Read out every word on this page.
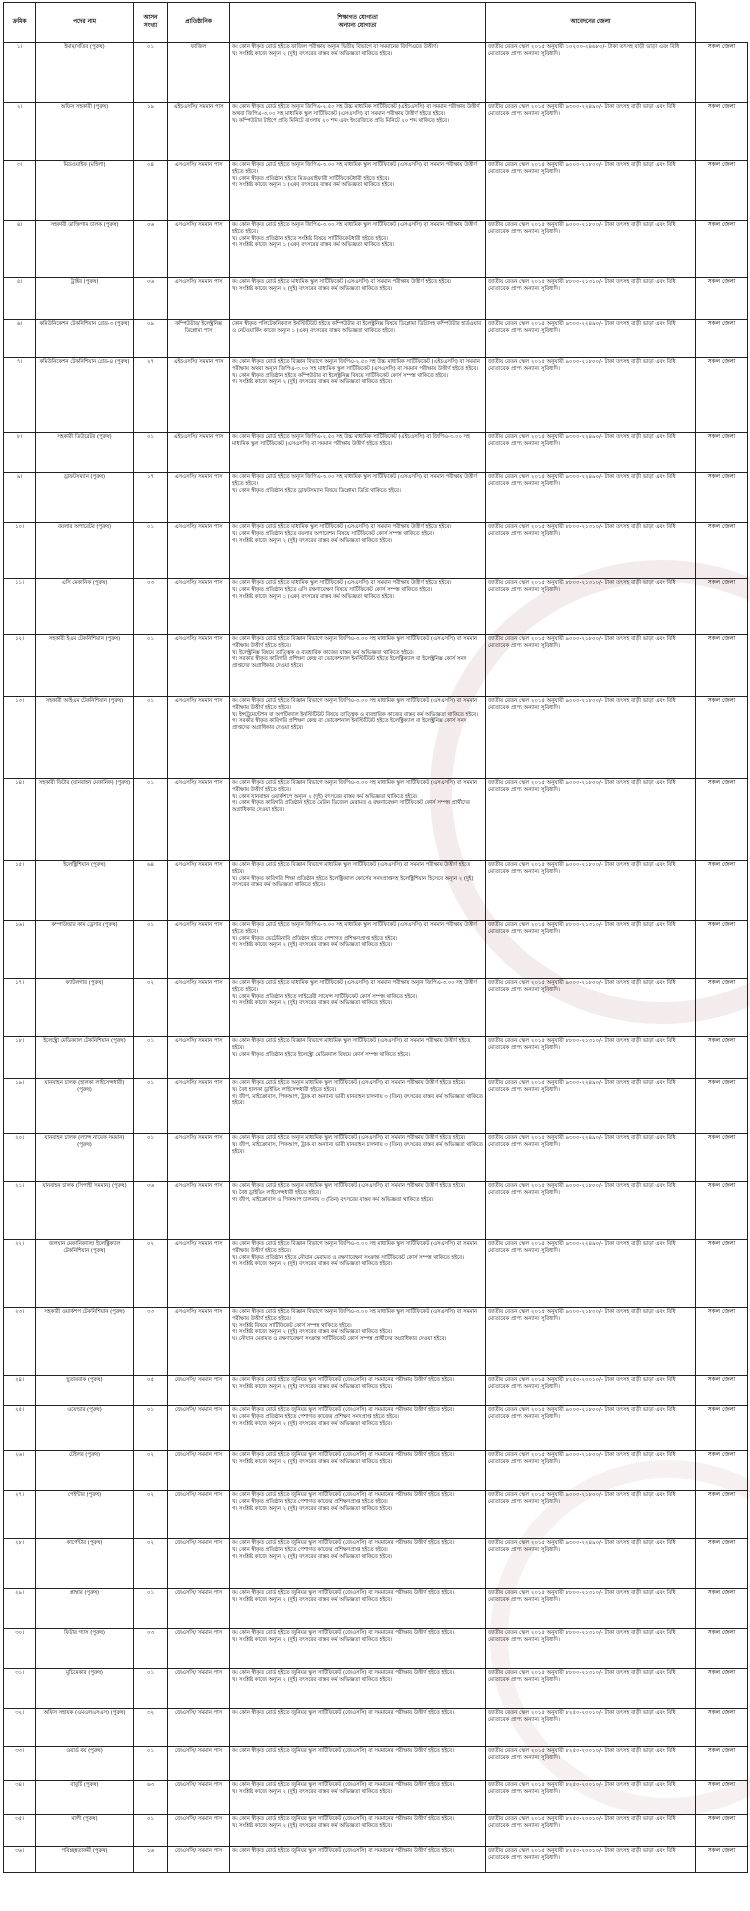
ক্রমিক	পদের নাম	আসন সংখ্যা	প্রাতিষ্ঠানিক	শিক্ষাগত যোগ্যতা
অন্যান্য যোগ্যতা		আবেদনের জেলা	
১।	ইমাম/খতিব (পুরুষ)	০১	ফাজিল	ক। কোন স্বীকৃত বোর্ড হইতে ফাজিল পরীক্ষায় অন্যূন দ্বিতীয় বিভাগে বা সমমানের জিপিএতে উত্তীর্ণ।
খ। সংশ্লিষ্ট কাজে অন্যূন ২ (দুই) বৎসরের বাস্তব কর্ম অভিজ্ঞতা থাকিতে হইবে।	জাতীয় বেতন স্কেল ২০১৫ অনুযায়ী ১০২০০-২৪৬৮০/- টাকা তৎসহ বাড়ী ভাড়া এবং বিধি মোতাবেক প্রাপ্য অন্যান্য সুবিধাদি।	সকল জেলা
২।	অফিস সহকারী (পুরুষ)	১৯	এইচএসসি/ সমমান পাস	ক। কোন স্বীকৃত বোর্ড হইতে অন্যূন জিপিএ-২.৫০ সহ উচ্চ মাধ্যমিক সার্টিফিকেট (এইচএসসি) বা সমমান পরীক্ষায় উত্তীর্ণ অথবা জিপিএ-৩.০০ সহ মাধ্যমিক স্কুল সার্টিফিকেট (এসএসসি) বা সমমান পরীক্ষায় উত্তীর্ণ হইতে হইবে।
খ। কম্পিউটার টাইপে প্রতি মিনিটে বাংলায় ২০ শব্দ এবং ইংরেজিতে প্রতি মিনিটে ২০ শব্দ থাকিতে হইবে।	জাতীয় বেতন স্কেল ২০১৫ অনুযায়ী ৯৩০০-২২৪৯০/- টাকা তৎসহ বাড়ী ভাড়া এবং বিধি মোতাবেক প্রাপ্য অন্যান্য সুবিধাদি।	সকল জেলা
৩।	মিডওয়াইফ (মহিলা)	০৪	এসএসসি/ সমমান পাস	ক। কোন স্বীকৃত বোর্ড হইতে অন্যূন জিপিএ-৩.০০ সহ মাধ্যমিক স্কুল সার্টিফিকেট (এসএসসি) বা সমমান পরীক্ষায় উত্তীর্ণ হইতে হইবে।
খ। কোন স্বীকৃত প্রতিষ্ঠান হইতে মিডওয়াইফারী সার্টিফিকেটধারী হইতে হইবে।
গ। সংশ্লিষ্ট কাজে অন্যূন ১ (এক) বৎসরের বাস্তব কর্ম অভিজ্ঞতা থাকিতে হইবে।	জাতীয় বেতন স্কেল ২০১৫ অনুযায়ী ৯০০০-২১৮০০/- টাকা তৎসহ বাড়ী ভাড়া এবং বিধি মোতাবেক প্রাপ্য অন্যান্য সুবিধাদি।	সকল জেলা
৪।	সহকারী ডাক্তিগাম চালক (পুরুষ)	০৬	এসএসসি/ সমমান পাস	ক। কোন স্বীকৃত বোর্ড হইতে অন্যূন জিপিএ-৩.০০ সহ মাধ্যমিক স্কুল সার্টিফিকেট (এসএসসি) বা সমমান পরীক্ষায় উত্তীর্ণ হইতে হইবে।
খ। কোন স্বীকৃত প্রতিষ্ঠান হইতে সংশ্লিষ্ট বিষয়ে সার্টিফিকেটধারী হইতে হইবে।
গ। সংশ্লিষ্ট কাজে অন্যূন ১ (এক) বৎসরের বাস্তব কর্ম অভিজ্ঞতা থাকিতে হইবে।	জাতীয় বেতন স্কেল ২০১৫ অনুযায়ী ৯০০০-২১৮০০/- টাকা তৎসহ বাড়ী ভাড়া এবং বিধি মোতাবেক প্রাপ্য অন্যান্য সুবিধাদি।	সকল জেলা
৫।	ট্রাক্টর (পুরুষ)	০৬	এসএসসি/ সমমান পাস	ক। কোন স্বীকৃত বোর্ড হইতে মাধ্যমিক স্কুল সার্টিফিকেট (এসএসসি) বা সমমান পরীক্ষায় উত্তীর্ণ হইতে হইবে।
খ। সংশ্লিষ্ট কাজে অন্যূন ২ (দুই) বৎসরের বাস্তব কর্ম অভিজ্ঞতা থাকিতে হইবে।	জাতীয় বেতন স্কেল ২০১৫ অনুযায়ী ৮৮০০-২১৩১০/- টাকা তৎসহ বাড়ী ভাড়া এবং বিধি মোতাবেক প্রাপ্য অন্যান্য সুবিধাদি।	সকল জেলা
৬।	কমিউনিকেশন টেকনিশিয়ান গ্রেড-৩ (পুরুষ)	০৯	কম্পিউটার/ ইলেক্ট্রনিক্স ডিপ্লোমা পাস	কোন স্বীকৃত পলিটেকনিক্যাল ইনস্টিটিউট হইতে কম্পিউটার বা ইলেক্ট্রনিক্স বিষয়ে ডিপ্লোমা ডিগ্রিসহ কম্পিউটার হার্ডওয়ার ও নেটওয়ার্কিং কাজে অন্যূন ১ (এক) বৎসরের বাস্তব অভিজ্ঞতা থাকিতে হইবে।	জাতীয় বেতন স্কেল ২০১৫ অনুযায়ী ৯৩০০-২২৪৯০/- টাকা তৎসহ বাড়ী ভাড়া এবং বিধি মোতাবেক প্রাপ্য অন্যান্য সুবিধাদি।	সকল জেলা
৭।	কমিউনিকেশন টেকনিশিয়ান গ্রেড-৪ (পুরুষ)	২৭	এইচএসসি/ সমমান পাস	ক। কোন স্বীকৃত বোর্ড হইতে বিজ্ঞান বিভাগে অন্যূন জিপিএ-২.৫০ সহ উচ্চ মাধ্যমিক সার্টিফিকেট (এইচএসসি) বা সমমান পরীক্ষায় অথবা অন্যূন জিপিএ-৩.০০ সহ মাধ্যমিক স্কুল সার্টিফিকেট (এসএসসি) বা সমমান পরীক্ষায় উত্তীর্ণ হইতে হইবে।
খ। কোন স্বীকৃত প্রতিষ্ঠান হইতে কম্পিউটার বা ইলেক্ট্রনিক্স বিষয়ে সার্টিফিকেট কোর্স সম্পন্ন থাকিতে হইবে।
গ। সংশ্লিষ্ট কাজে অন্যূন ২ (দুই) বৎসরের বাস্তব কর্ম অভিজ্ঞতা থাকিতে হইবে।	জাতীয় বেতন স্কেল ২০১৫ অনুযায়ী ৯০০০-২১৮০০/- টাকা তৎসহ বাড়ী ভাড়া এবং বিধি মোতাবেক প্রাপ্য অন্যান্য সুবিধাদি।	সকল জেলা
৮।	সহকারী ডিউরেটর (পুরুষ)	০১	এইচএসসি/ সমমান পাস	ক। কোন স্বীকৃত বোর্ড হইতে অন্যূন জিপিএ-২.৫০ সহ উচ্চ মাধ্যমিক সার্টিফিকেট (এইচএসসি) বা জিপিএ-৩.০০ সহ মাধ্যমিক স্কুল সার্টিফিকেট (এসএসসি) বা সমমান পরীক্ষায় উত্তীর্ণ হইতে হইবে।	জাতীয় বেতন স্কেল ২০১৫ অনুযায়ী ৯৩০০-২২৪৯০/- টাকা তৎসহ বাড়ী ভাড়া এবং বিধি মোতাবেক প্রাপ্য অন্যান্য সুবিধাদি।	সকল জেলা
৯।	ড্রাফটসম্যান (পুরুষ)	১৭	এসএসসি/ সমমান পাস	ক। কোন স্বীকৃত বোর্ড হইতে অন্যূন জিপিএ-৩.০০ সহ মাধ্যমিক স্কুল সার্টিফিকেট (এসএসসি) বা সমমান পরীক্ষায় উত্তীর্ণ হইতে হইবে।
খ। কোন স্বীকৃত প্রতিষ্ঠান হইতে ড্রাফটসম্যান বিষয়ে ডিপ্লোমা ডিগ্রি থাকিতে হইবে।	জাতীয় বেতন স্কেল ২০১৫ অনুযায়ী ৯৩০০-২২৪৯০/- টাকা তৎসহ বাড়ী ভাড়া এবং বিধি মোতাবেক প্রাপ্য অন্যান্য সুবিধাদি।	সকল জেলা
১০।	বয়লার অপারেটর (পুরুষ)	০১	এসএসসি/ সমমান পাস	ক। কোন স্বীকৃত বোর্ড হইতে মাধ্যমিক স্কুল সার্টিফিকেট (এসএসসি) বা সমমান পরীক্ষায় উত্তীর্ণ হইতে হইবে।
খ। কোন স্বীকৃত প্রতিষ্ঠান হইতে বয়লার অপারেশন বিষয়ে সার্টিফিকেট কোর্স সম্পন্ন থাকিতে হইবে।
গ। সংশ্লিষ্ট কাজে অন্যূন ২ (দুই) বৎসরের বাস্তব কর্ম অভিজ্ঞতা থাকিতে হইবে।	জাতীয় বেতন স্কেল ২০১৫ অনুযায়ী ৮৮০০-২১৩১০/- টাকা তৎসহ বাড়ী ভাড়া এবং বিধি মোতাবেক প্রাপ্য অন্যান্য সুবিধাদি।	সকল জেলা
১১।	এসি মেকানিক (পুরুষ)	০৩	এসএসসি/ সমমান পাস	ক। কোন স্বীকৃত বোর্ড হইতে মাধ্যমিক স্কুল সার্টিফিকেট (এসএসসি) বা সমমান পরীক্ষায় উত্তীর্ণ হইতে হইবে।
খ। কোন স্বীকৃত প্রতিষ্ঠান হইতে এসি রক্ষণাবেক্ষণ বিষয়ে সার্টিফিকেট কোর্স সম্পন্ন থাকিতে হইবে।
গ। সংশ্লিষ্ট কাজে অন্যূন ১ (এক) বৎসরের বাস্তব কর্ম অভিজ্ঞতা থাকিতে হইবে।	জাতীয় বেতন স্কেল ২০১৫ অনুযায়ী ৮৮০০-২১৩১০/- টাকা তৎসহ বাড়ী ভাড়া এবং বিধি মোতাবেক প্রাপ্য অন্যান্য সুবিধাদি।	সকল জেলা
১২।	সহকারী ইএম টেকনিশিয়ান (পুরুষ)	০১	এসএসসি/ সমমান পাস	ক। কোন স্বীকৃত বোর্ড হইতে বিজ্ঞান বিভাগে অন্যূন জিপিএ-৩.০০ সহ মাধ্যমিক স্কুল সার্টিফিকেট (এসএসসি) বা সমমান পরীক্ষায় উত্তীর্ণ হইতে হইবে।
খ। ইলেক্ট্রনিক্স বিষয়ে তাত্ত্বিক ও ব্যবহারিক কাজের বাস্তব কর্ম অভিজ্ঞতা থাকিতে হইবে।
গ। সরকার স্বীকৃত কারিগরি প্রশিক্ষণ কেন্দ্র বা ভোকেশনাল ইনস্টিটিউট হইতে ইলেক্ট্রিক্যাল বা ইলেক্ট্রনিক্স কোর্স সনদ প্রাপ্তদের অগ্রাধিকার দেওয়া হইবে।	জাতীয় বেতন স্কেল ২০১৫ অনুযায়ী ৯০০০-২১৮০০/- টাকা তৎসহ বাড়ী ভাড়া এবং বিধি মোতাবেক প্রাপ্য অন্যান্য সুবিধাদি।	সকল জেলা
১৩।	সহকারী আইএম টেকনিশিয়ান (পুরুষ)	০১	এসএসসি/ সমমান পাস	ক। কোন স্বীকৃত বোর্ড হইতে বিজ্ঞান বিভাগে অন্যূন জিপিএ-৩.০০ সহ মাধ্যমিক স্কুল সার্টিফিকেট (এসএসসি) বা সমমান পরীক্ষায় উত্তীর্ণ হইতে হইবে।
খ। ইন্সট্রুমেন্টেশন বা অপটিক্যাল ইনস্টিটিউট বিষয়ে তাত্ত্বিক ও ব্যবহারিক কাজের বাস্তব কর্ম অভিজ্ঞতা থাকিতে হইবে।
গ। সরকার স্বীকৃত কারিগরি প্রশিক্ষণ কেন্দ্র বা ভোকেশনাল ইনস্টিটিউট হইতে ইলেক্ট্রিক্যাল বা ইলেক্ট্রনিক্স কোর্স সনদ প্রাপ্তদের অগ্রাধিকার দেওয়া হইবে।	জাতীয় বেতন স্কেল ২০১৫ অনুযায়ী ৯০০০-২১৮০০/- টাকা তৎসহ বাড়ী ভাড়া এবং বিধি মোতাবেক প্রাপ্য অন্যান্য সুবিধাদি।	সকল জেলা
১৪।	সহকারী ফিটার (যানবাহন মেকানিক) (পুরুষ)	০১	এসএসসি/ সমমান পাস	ক। কোন স্বীকৃত বোর্ড হইতে বিজ্ঞান বিভাগে অন্যূন জিপিএ-৩.০০ সহ মাধ্যমিক স্কুল সার্টিফিকেট (এসএসসি) বা সমমান পরীক্ষায় উত্তীর্ণ হইতে হইবে।
খ। কোন যানবাহন ওয়ার্কশপে অন্যূন ২ (দুই) বৎসরের বাস্তব কর্ম অভিজ্ঞতা থাকিতে হইবে।
গ। কোন স্বীকৃত কারিগরি প্রতিষ্ঠান হইতে মেরিন ডিজেল মেরামত ও রক্ষণাবেক্ষণ সার্টিফিকেট কোর্স সম্পন্ন প্রার্থীদের অগ্রাধিকার দেওয়া হইবে।	জাতীয় বেতন স্কেল ২০১৫ অনুযায়ী ৯০০০-২১৮০০/- টাকা তৎসহ বাড়ী ভাড়া এবং বিধি মোতাবেক প্রাপ্য অন্যান্য সুবিধাদি।	সকল জেলা
১৫।	ইলেক্ট্রিশিয়ান (পুরুষ)	৬৪	এসএসসি/ সমমান পাস	ক। কোন স্বীকৃত বোর্ড হইতে বিজ্ঞান বিভাগে মাধ্যমিক স্কুল সার্টিফিকেট (এসএসসি) বা সমমান পরীক্ষায় উত্তীর্ণ হইতে হইবে।
খ। কোন স্বীকৃত কারিগরি শিক্ষা প্রতিষ্ঠান হইতে ইলেক্ট্রিক্যাল কোর্সের সনদপ্রাপ্তসহ ইলেক্ট্রিশিয়ান হিসেবে অন্যূন ২ (দুই) বৎসরের বাস্তব কর্ম অভিজ্ঞতা থাকিতে হইবে।	জাতীয় বেতন স্কেল ২০১৫ অনুযায়ী ৯০০০-২১৮০০/- টাকা তৎসহ বাড়ী ভাড়া এবং বিধি মোতাবেক প্রাপ্য অন্যান্য সুবিধাদি।	সকল জেলা
১৬।	কম্পাউন্ডার কাম ড্রেসার (পুরুষ)	০১	এসএসসি/ সমমান পাস	ক। কোন স্বীকৃত বোর্ড হইতে অন্যূন জিপিএ-৩.০০ সহ মাধ্যমিক স্কুল সার্টিফিকেট (এসএসসি) বা সমমান পরীক্ষায় উত্তীর্ণ হইতে হইবে।
খ। কোন স্বীকৃত ভেটেরিনারি প্রতিষ্ঠান হইতে পেশাগত প্রশিক্ষণপ্রাপ্ত হইতে হইবে।
গ। সংশ্লিষ্ট কাজে অন্যূন ২ (দুই) বৎসরের বাস্তব কর্ম অভিজ্ঞতা থাকিতে হইবে।	জাতীয় বেতন স্কেল ২০১৫ অনুযায়ী ৮৮০০-২১৩১০/- টাকা তৎসহ বাড়ী ভাড়া এবং বিধি মোতাবেক প্রাপ্য অন্যান্য সুবিধাদি।	সকল জেলা
১৭।	ক্যাটলগার (পুরুষ)	০২	এসএসসি/ সমমান পাস	ক। কোন স্বীকৃত বোর্ড হইতে মাধ্যমিক স্কুল সার্টিফিকেট (এসএসসি) বা সমমান পরীক্ষায় অন্যূন জিপিএ-৩.০০ সহ উত্তীর্ণ হইতে হইবে।
খ। কোন স্বীকৃত প্রতিষ্ঠান হইতে লাইব্রেরী সায়েন্স সার্টিফিকেট কোর্স সম্পন্ন থাকিতে হইবে।
গ। সংশ্লিষ্ট কাজে অন্যূন ২ (দুই) বৎসরের বাস্তব কর্ম অভিজ্ঞতা থাকিতে হইবে।	জাতীয় বেতন স্কেল ২০১৫ অনুযায়ী ৯০০০-২১৮০০/- টাকা তৎসহ বাড়ী ভাড়া এবং বিধি মোতাবেক প্রাপ্য অন্যান্য সুবিধাদি।	সকল জেলা
১৮।	ইলেক্ট্রো মেডিক্যাল টেকনিশিয়ান (পুরুষ)	০১	এসএসসি/ সমমান পাস	ক। কোন স্বীকৃত বোর্ড হইতে বিজ্ঞান বিভাগে মাধ্যমিক স্কুল সার্টিফিকেট (এসএসসি) বা সমমান পরীক্ষায় উত্তীর্ণ হইতে হইবে।
খ। কোন স্বীকৃত প্রতিষ্ঠান হইতে ইলেক্ট্রো মেডিক্যাল বিষয়ে কোর্স সম্পন্ন থাকিতে হইবে।	জাতীয় বেতন স্কেল ২০১৫ অনুযায়ী ৮৮০০-২১৩১০/- টাকা তৎসহ বাড়ী ভাড়া এবং বিধি মোতাবেক প্রাপ্য অন্যান্য সুবিধাদি।	সকল জেলা
১৯।	যানবাহন চালক (হালকা লাইসেন্সধারী) (পুরুষ)	০১	এসএসসি/ সমমান পাস	ক। কোন স্বীকৃত বোর্ড হইতে অন্যূন মাধ্যমিক স্কুল সার্টিফিকেট (এসএসসি) বা সমমান পরীক্ষায় উত্তীর্ণ হইতে হইবে।
খ। বৈধ হালকা ড্রাইভিং লাইসেন্সধারী হইতে হইবে।
গ। জীপ, মাইক্রোবাস, পিকআপ, ট্রাক বা অন্যান্য ভারী যানবাহন চালনায় ৩ (তিন) বৎসরের বাস্তব কর্ম অভিজ্ঞতা থাকিতে হইবে।	জাতীয় বেতন স্কেল ২০১৫ অনুযায়ী ৯৩০০-২২৪৯০/- টাকা তৎসহ বাড়ী ভাড়া এবং বিধি মোতাবেক প্রাপ্য অন্যান্য সুবিধাদি।	সকল জেলা
২০।	যানবাহন চালক (ল্যান্স নায়েক সমমান) (পুরুষ)	০১	এসএসসি/ সমমান পাস	ক। কোন স্বীকৃত বোর্ড হইতে অন্যূন মাধ্যমিক স্কুল সার্টিফিকেট (এসএসসি) বা সমমান পরীক্ষায় উত্তীর্ণ হইতে হইবে।
খ। জীপ, মাইক্রোবাস, পিকআপ, ট্রাক বা অন্যান্য ভারী যানবাহন চালনায় ৩ (তিন) বৎসরের বাস্তব কর্ম অভিজ্ঞতা থাকিতে হইবে।	জাতীয় বেতন স্কেল ২০১৫ অনুযায়ী ৯৩০০-২২৪৯০/- টাকা তৎসহ বাড়ী ভাড়া এবং বিধি মোতাবেক প্রাপ্য অন্যান্য সুবিধাদি।	সকল জেলা
২১।	যানবাহন চালক (সিপাহী সমমান) (পুরুষ)	০৬	এসএসসি/ সমমান পাস	ক। কোন স্বীকৃত বোর্ড হইতে অন্যূন মাধ্যমিক স্কুল সার্টিফিকেট (এসএসসি) বা সমমান পরীক্ষায় উত্তীর্ণ হইতে হইবে।
খ। বৈধ ড্রাইভিং লাইসেন্সধারী হইতে হইবে।
গ। জীপ, মাইক্রোবাস ও পিকআপ চালনায় ৩ (তিন) বৎসরের বাস্তব কর্ম অভিজ্ঞতা থাকিতে হইবে।	জাতীয় বেতন স্কেল ২০১৫ অনুযায়ী ৯০০০-২১৮০০/- টাকা তৎসহ বাড়ী ভাড়া এবং বিধি মোতাবেক প্রাপ্য অন্যান্য সুবিধাদি।	সকল জেলা
২২।	জলযান মেকানিক্যাল/ ইলেক্ট্রিক্যাল টেকনিশিয়ান (পুরুষ)	০২	এসএসসি/ সমমান পাস	ক। কোন স্বীকৃত বোর্ড হইতে বিজ্ঞান বিভাগে অন্যূন জিপিএ-৩.০০ সহ মাধ্যমিক স্কুল সার্টিফিকেট (এসএসসি) বা সমমান পরীক্ষায় উত্তীর্ণ হইতে হইবে।
খ। কোন স্বীকৃত প্রতিষ্ঠান হইতে নৌযান মেরামত ও রক্ষণাবেক্ষণ সংক্রান্ত সার্টিফিকেট কোর্স সম্পন্ন থাকিতে হইবে।
গ। সংশ্লিষ্ট কাজে অন্যূন ২ (দুই) বৎসরের বাস্তব কর্ম অভিজ্ঞতা থাকিতে হইবে।	জাতীয় বেতন স্কেল ২০১৫ অনুযায়ী ৯৩০০-২২৪৯০/- টাকা তৎসহ বাড়ী ভাড়া এবং বিধি মোতাবেক প্রাপ্য অন্যান্য সুবিধাদি।	সকল জেলা
২৩।	সহকারী ওয়ার্কশপ টেকনিশিয়ান (পুরুষ)	০৩	এসএসসি/ সমমান পাস	ক। কোন স্বীকৃত বোর্ড হইতে বিজ্ঞান বিভাগে অন্যূন জিপিএ-৩.০০ সহ মাধ্যমিক স্কুল সার্টিফিকেট (এসএসসি) বা সমমান পরীক্ষায় উত্তীর্ণ হইতে হইবে।
খ। সংশ্লিষ্ট বিষয়ে সার্টিফিকেট কোর্স সম্পন্ন থাকিতে হইবে।
গ। সংশ্লিষ্ট কাজে অন্যূন ২ (দুই) বৎসরের বাস্তব কর্ম অভিজ্ঞতা থাকিতে হইবে।
ঘ। নৌযান মেরামত ও রক্ষণাবেক্ষণ সংক্রান্ত সার্টিফিকেট কোর্স সম্পন্ন প্রার্থীদের অগ্রাধিকার দেওয়া হইবে।	জাতীয় বেতন স্কেল ২০১৫ অনুযায়ী ৯০০০-২১৮০০/- টাকা তৎসহ বাড়ী ভাড়া এবং বিধি মোতাবেক প্রাপ্য অন্যান্য সুবিধাদি।	সকল জেলা
২৪।	ছুতারবাক (পুরুষ)	০৫	জেএসসি/ সমমান পাস	ক। কোন স্বীকৃত বোর্ড হইতে জুনিয়র স্কুল সার্টিফিকেট (জেএসসি) বা সমমানের পরীক্ষায় উত্তীর্ণ হইতে হইবে।
খ। সংশ্লিষ্ট কাজে অন্যূন ২ (দুই) বৎসরের বাস্তব কর্ম অভিজ্ঞতা থাকিতে হইবে।	জাতীয় বেতন স্কেল ২০১৫ অনুযায়ী ৮২৫০-২০০১০/- টাকা তৎসহ বাড়ী ভাড়া এবং বিধি মোতাবেক প্রাপ্য অন্যান্য সুবিধাদি।	সকল জেলা
২৫।	ওয়েল্ডার (পুরুষ)	০১	জেএসসি/ সমমান পাস	ক। কোন স্বীকৃত বোর্ড হইতে জুনিয়র স্কুল সার্টিফিকেট (জেএসসি) বা সমমানের পরীক্ষায় উত্তীর্ণ হইতে হইবে।
খ। কোন স্বীকৃত প্রতিষ্ঠান হইতে পেশাগত কাজের প্রশিক্ষণ সনদপ্রাপ্ত হইতে হইবে।
গ। সংশ্লিষ্ট কাজে অন্যূন ২ (দুই) বৎসরের বাস্তব কর্ম অভিজ্ঞতা থাকিতে হইবে।	জাতীয় বেতন স্কেল ২০১৫ অনুযায়ী ৯০০০-২১৮০০/- টাকা তৎসহ বাড়ী ভাড়া এবং বিধি মোতাবেক প্রাপ্য অন্যান্য সুবিধাদি।	সকল জেলা
২৬।	টেইলর (পুরুষ)	০২	জেএসসি/ সমমান পাস	ক। কোন স্বীকৃত বোর্ড হইতে জুনিয়র স্কুল সার্টিফিকেট (জেএসসি) বা সমমানের পরীক্ষায় উত্তীর্ণ হইতে হইবে।
খ। সংশ্লিষ্ট কাজে অন্যূন ২ (দুই) বৎসরের বাস্তব কর্ম অভিজ্ঞতা থাকিতে হইবে।	জাতীয় বেতন স্কেল ২০১৫ অনুযায়ী ৯০০০-২১৮০০/- টাকা তৎসহ বাড়ী ভাড়া এবং বিধি মোতাবেক প্রাপ্য অন্যান্য সুবিধাদি।	সকল জেলা
২৭।	পেইন্টার (পুরুষ)	০২	জেএসসি/ সমমান পাস	ক। কোন স্বীকৃত বোর্ড হইতে জুনিয়র স্কুল সার্টিফিকেট (জেএসসি) বা সমমানের পরীক্ষায় উত্তীর্ণ হইতে হইবে।
খ। কোন স্বীকৃত প্রতিষ্ঠান হইতে পেশাগত কাজের প্রশিক্ষণপ্রাপ্ত হইতে হইবে।
গ। সংশ্লিষ্ট কাজে অন্যূন ২ (দুই) বৎসরের বাস্তব কর্ম অভিজ্ঞতা থাকিতে হইবে।	জাতীয় বেতন স্কেল ২০১৫ অনুযায়ী ৯০০০-২১৮০০/- টাকা তৎসহ বাড়ী ভাড়া এবং বিধি মোতাবেক প্রাপ্য অন্যান্য সুবিধাদি।	সকল জেলা
২৮।	কার্পেন্টার (পুরুষ)	০২	জেএসসি/ সমমান পাস	ক। কোন স্বীকৃত বোর্ড হইতে জুনিয়র স্কুল সার্টিফিকেট (জেএসসি) বা সমমানের পরীক্ষায় উত্তীর্ণ হইতে হইবে।
খ। কোন স্বীকৃত প্রতিষ্ঠান হইতে পেশাগত কাজের প্রশিক্ষণপ্রাপ্ত হইতে হইবে।
গ। সংশ্লিষ্ট কাজে অন্যূন ২ (দুই) বৎসরের বাস্তব কর্ম অভিজ্ঞতা থাকিতে হইবে।	জাতীয় বেতন স্কেল ২০১৫ অনুযায়ী ৯৩০০-২২৪৯০/- টাকা তৎসহ বাড়ী ভাড়া এবং বিধি মোতাবেক প্রাপ্য অন্যান্য সুবিধাদি।	সকল জেলা
২৯।	প্লাম্বার (পুরুষ)	০১	জেএসসি/ সমমান পাস	ক। কোন স্বীকৃত বোর্ড হইতে জুনিয়র স্কুল সার্টিফিকেট (জেএসসি) বা সমমানের পরীক্ষায় উত্তীর্ণ হইতে হইবে।
খ। সংশ্লিষ্ট কাজে অন্যূন ২ (দুই) বৎসরের বাস্তব কর্ম অভিজ্ঞতা থাকিতে হইবে।	জাতীয় বেতন স্কেল ২০১৫ অনুযায়ী ৮৮০০-২১৩১০/- টাকা তৎসহ বাড়ী ভাড়া এবং বিধি মোতাবেক প্রাপ্য অন্যান্য সুবিধাদি।	সকল জেলা
৩০।	ফিটার গ্যাস (পুরুষ)	০৩	জেএসসি/ সমমান পাস	ক। কোন স্বীকৃত বোর্ড হইতে জুনিয়র স্কুল সার্টিফিকেট (জেএসসি) বা সমমানের পরীক্ষায় উত্তীর্ণ হইতে হইবে।
খ। সংশ্লিষ্ট কাজে অন্যূন ২ (দুই) বৎসরের বাস্তব কর্ম অভিজ্ঞতা থাকিতে হইবে।	জাতীয় বেতন স্কেল ২০১৫ অনুযায়ী ৮৮০০-২১৩১০/- টাকা তৎসহ বাড়ী ভাড়া এবং বিধি মোতাবেক প্রাপ্য অন্যান্য সুবিধাদি।	সকল জেলা
৩১।	মুচিমেকার (পুরুষ)	০১	জেএসসি/ সমমান পাস	ক। কোন স্বীকৃত বোর্ড হইতে জুনিয়র স্কুল সার্টিফিকেট (জেএসসি) বা সমমানের পরীক্ষায় উত্তীর্ণ হইতে হইবে।
খ। সংশ্লিষ্ট কাজে অন্যূন ২ (দুই) বৎসরের বাস্তব কর্ম অভিজ্ঞতা থাকিতে হইবে।	জাতীয় বেতন স্কেল ২০১৫ অনুযায়ী ৮৮০০-২১৩১০/- টাকা তৎসহ বাড়ী ভাড়া এবং বিধি মোতাবেক প্রাপ্য অন্যান্য সুবিধাদি।	সকল জেলা
৩২।	অফিস সহায়ক (এমএলএসএস) (পুরুষ)	৩২	জেএসসি/ সমমান পাস	ক। কোন স্বীকৃত বোর্ড হইতে জুনিয়র স্কুল সার্টিফিকেট (জেএসসি) বা সমমানের পরীক্ষায় উত্তীর্ণ হইতে হইবে।	জাতীয় বেতন স্কেল ২০১৫ অনুযায়ী ৮২৫০-২০০১০/- টাকা তৎসহ বাড়ী ভাড়া এবং বিধি মোতাবেক প্রাপ্য অন্যান্য সুবিধাদি।	সকল জেলা
৩৩।	ওয়ার্ড বয় (পুরুষ)	০১	জেএসসি/ সমমান পাস	ক। কোন স্বীকৃত বোর্ড হইতে জুনিয়র স্কুল সার্টিফিকেট (জেএসসি) বা সমমানের পরীক্ষায় উত্তীর্ণ হইতে হইবে।	জাতীয় বেতন স্কেল ২০১৫ অনুযায়ী ৮২৫০-২০০১০/- টাকা তৎসহ বাড়ী ভাড়া এবং বিধি মোতাবেক প্রাপ্য অন্যান্য সুবিধাদি।	সকল জেলা
৩৪।	বাবুর্চি (পুরুষ)	৬৩	জেএসসি/ সমমান পাস	ক। কোন স্বীকৃত বোর্ড হইতে জুনিয়র স্কুল সার্টিফিকেট (জেএসসি) বা সমমানের পরীক্ষায় উত্তীর্ণ হইতে হইবে।
খ। সংশ্লিষ্ট কাজে অন্যূন ২ (দুই) বৎসরের বাস্তব কর্ম অভিজ্ঞতা থাকিতে হইবে।	জাতীয় বেতন স্কেল ২০১৫ অনুযায়ী ৮২৫০-২০০১০/- টাকা তৎসহ বাড়ী ভাড়া এবং বিধি মোতাবেক প্রাপ্য অন্যান্য সুবিধাদি।	সকল জেলা
৩৫।	মালী (পুরুষ)	০১	জেএসসি/ সমমান পাস	ক। কোন স্বীকৃত বোর্ড হইতে জুনিয়র স্কুল সার্টিফিকেট (জেএসসি) বা সমমানের পরীক্ষায় উত্তীর্ণ হইতে হইবে।
খ। সংশ্লিষ্ট কাজে অন্যূন ২ (দুই) বৎসরের বাস্তব কর্ম অভিজ্ঞতা থাকিতে হইবে।	জাতীয় বেতন স্কেল ২০১৫ অনুযায়ী ৮২৫০-২০০১০/- টাকা তৎসহ বাড়ী ভাড়া এবং বিধি মোতাবেক প্রাপ্য অন্যান্য সুবিধাদি।	সকল জেলা
৩৬।	পরিচ্ছন্নতাকর্মী (পুরুষ)	১৬	জেএসসি/ সমমান পাস	ক। কোন স্বীকৃত বোর্ড হইতে জুনিয়র স্কুল সার্টিফিকেট (জেএসসি) বা সমমানের পরীক্ষায় উত্তীর্ণ হইতে হইবে।	জাতীয় বেতন স্কেল ২০১৫ অনুযায়ী ৮২৫০-২০০১০/- টাকা তৎসহ বাড়ী ভাড়া এবং বিধি মোতাবেক প্রাপ্য অন্যান্য সুবিধাদি।	সকল জেলা
